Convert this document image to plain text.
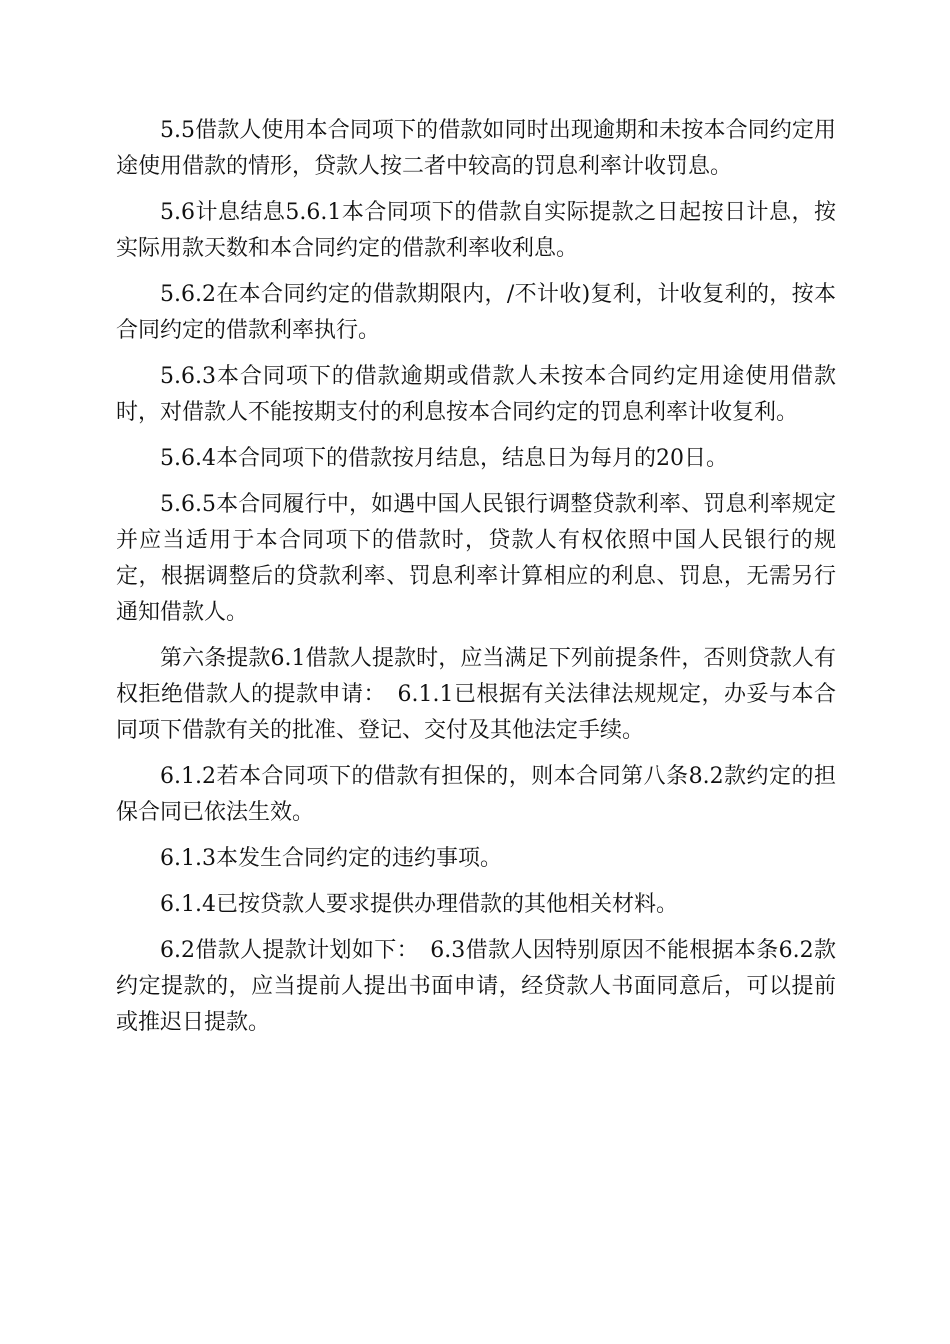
5.5借款人使用本合同项下的借款如同时出现逾期和未按本合同约定用途使用借款的情形，贷款人按二者中较高的罚息利率计收罚息。

5.6计息结息5.6.1本合同项下的借款自实际提款之日起按日计息，按实际用款天数和本合同约定的借款利率收利息。

5.6.2在本合同约定的借款期限内，/不计收)复利，计收复利的，按本合同约定的借款利率执行。

5.6.3本合同项下的借款逾期或借款人未按本合同约定用途使用借款时，对借款人不能按期支付的利息按本合同约定的罚息利率计收复利。

5.6.4本合同项下的借款按月结息，结息日为每月的20日。

5.6.5本合同履行中，如遇中国人民银行调整贷款利率、罚息利率规定并应当适用于本合同项下的借款时，贷款人有权依照中国人民银行的规定，根据调整后的贷款利率、罚息利率计算相应的利息、罚息，无需另行通知借款人。

第六条提款6.1借款人提款时，应当满足下列前提条件，否则贷款人有权拒绝借款人的提款申请：　6.1.1已根据有关法律法规规定，办妥与本合同项下借款有关的批准、登记、交付及其他法定手续。

6.1.2若本合同项下的借款有担保的，则本合同第八条8.2款约定的担保合同已依法生效。

6.1.3本发生合同约定的违约事项。

6.1.4已按贷款人要求提供办理借款的其他相关材料。

6.2借款人提款计划如下：　6.3借款人因特别原因不能根据本条6.2款约定提款的，应当提前人提出书面申请，经贷款人书面同意后，可以提前或推迟日提款。
